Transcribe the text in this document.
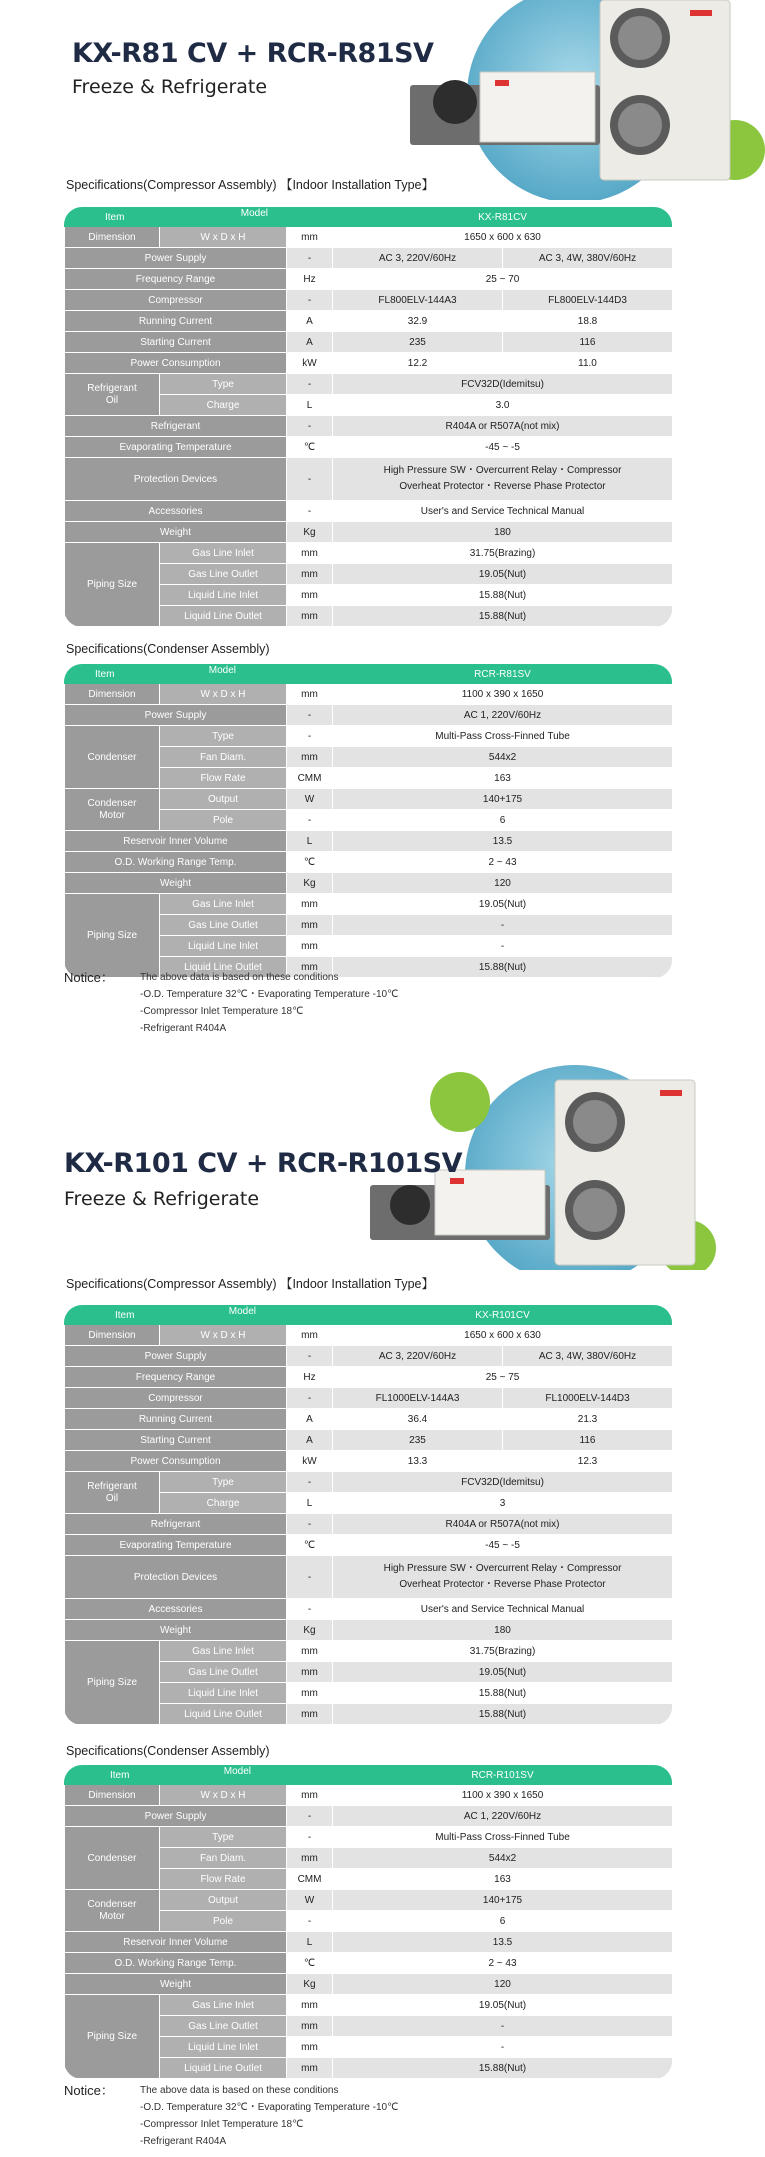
KX-R81 CV + RCR-R81SV
Freeze & Refrigerate
Specifications(Compressor Assembly) 【Indoor Installation Type】
Item Model			KX-R81CV	
Dimension	W x D x H	mm	1650 x 600 x 630	
Power Supply		-	AC 3, 220V/60Hz	AC 3, 4W, 380V/60Hz
Frequency Range		Hz	25 ~ 70	
Compressor		-	FL800ELV-144A3	FL800ELV-144D3
Running Current		A	32.9	18.8
Starting Current		A	235	116
Power Consumption		kW	12.2	11.0
Refrigerant Oil	Type	-	FCV32D(Idemitsu)	
	Charge	L	3.0	
Refrigerant		-	R404A or R507A(not mix)	
Evaporating Temperature		℃	-45 ~ -5	
Protection Devices		-	High Pressure SW・Overcurrent Relay・Compressor
Overheat Protector・Reverse Phase Protector	

Accessories		-	User's and Service Technical Manual	
Weight		Kg	180	
Piping Size	Gas Line Inlet	mm	31.75(Brazing)	
	Gas Line Outlet	mm	19.05(Nut)	
	Liquid Line Inlet	mm	15.88(Nut)	
	Liquid Line Outlet	mm	15.88(Nut)	
Specifications(Condenser Assembly)
Item Model			RCR-R81SV
Dimension	W x D x H	mm	1100 x 390 x 1650
Power Supply		-	AC 1, 220V/60Hz
Condenser	Type	-	Multi-Pass Cross-Finned Tube
	Fan Diam.	mm	544x2
	Flow Rate	CMM	163
Condenser Motor	Output	W	140+175
	Pole	-	6
Reservoir Inner Volume		L	13.5
O.D. Working Range Temp.		℃	2 ~ 43
Weight		Kg	120
Piping Size	Gas Line Inlet	mm	19.05(Nut)
	Gas Line Outlet	mm	-
	Liquid Line Inlet	mm	-
	Liquid Line Outlet	mm	15.88(Nut)
Notice：	The above data is based on these conditions
-O.D. Temperature 32℃・Evaporating Temperature -10℃
-Compressor Inlet Temperature 18℃
-Refrigerant R404A
KX-R101 CV + RCR-R101SV
Freeze & Refrigerate
Specifications(Compressor Assembly) 【Indoor Installation Type】
Item Model			KX-R101CV	
Dimension	W x D x H	mm	1650 x 600 x 630	
Power Supply		-	AC 3, 220V/60Hz	AC 3, 4W, 380V/60Hz
Frequency Range		Hz	25 ~ 75	
Compressor		-	FL1000ELV-144A3	FL1000ELV-144D3
Running Current		A	36.4	21.3
Starting Current		A	235	116
Power Consumption		kW	13.3	12.3
Refrigerant Oil	Type	-	FCV32D(Idemitsu)	
	Charge	L	3	
Refrigerant		-	R404A or R507A(not mix)	
Evaporating Temperature		℃	-45 ~ -5	
Protection Devices		-	High Pressure SW・Overcurrent Relay・Compressor
Overheat Protector・Reverse Phase Protector	

Accessories		-	User's and Service Technical Manual	
Weight		Kg	180	
Piping Size	Gas Line Inlet	mm	31.75(Brazing)	
	Gas Line Outlet	mm	19.05(Nut)	
	Liquid Line Inlet	mm	15.88(Nut)	
	Liquid Line Outlet	mm	15.88(Nut)	
Specifications(Condenser Assembly)
Item Model			RCR-R101SV
Dimension	W x D x H	mm	1100 x 390 x 1650
Power Supply		-	AC 1, 220V/60Hz
Condenser	Type	-	Multi-Pass Cross-Finned Tube
	Fan Diam.	mm	544x2
	Flow Rate	CMM	163
Condenser Motor	Output	W	140+175
	Pole	-	6
Reservoir Inner Volume		L	13.5
O.D. Working Range Temp.		℃	2 ~ 43
Weight		Kg	120
Piping Size	Gas Line Inlet	mm	19.05(Nut)
	Gas Line Outlet	mm	-
	Liquid Line Inlet	mm	-
	Liquid Line Outlet	mm	15.88(Nut)
Notice：	The above data is based on these conditions
-O.D. Temperature 32℃・Evaporating Temperature -10℃
-Compressor Inlet Temperature 18℃
-Refrigerant R404A
